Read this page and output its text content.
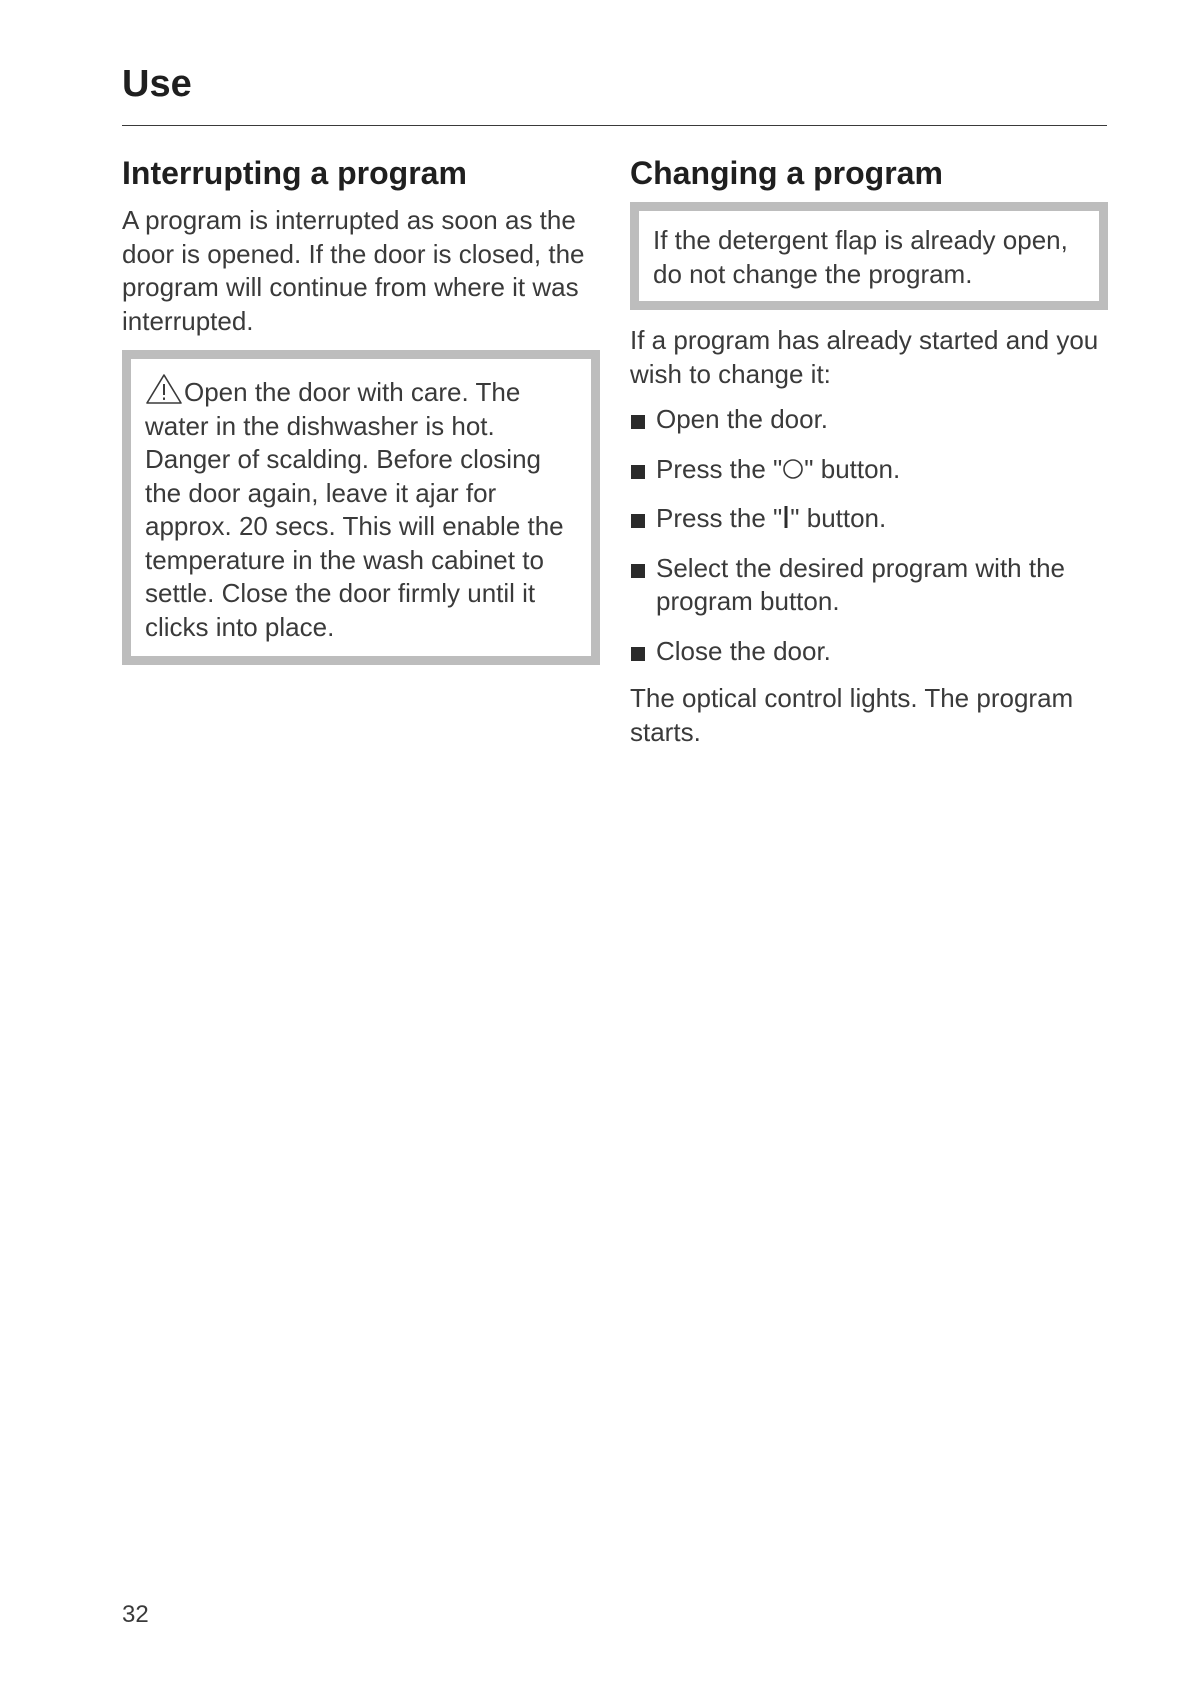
Use
Interrupting a program

A program is interrupted as soon as the door is opened. If the door is closed, the program will continue from where it was interrupted.

Open the door with care. The water in the dishwasher is hot. Danger of scalding. Before closing the door again, leave it ajar for approx. 20 secs. This will enable the temperature in the wash cabinet to settle. Close the door firmly until it clicks into place.
Changing a program
If the detergent flap is already open, do not change the program.

If a program has already started and you wish to change it:

Open the door.
Press the " " button.
Press the " " button.
Select the desired program with the program button.
Close the door.

The optical control lights. The program starts.

32
